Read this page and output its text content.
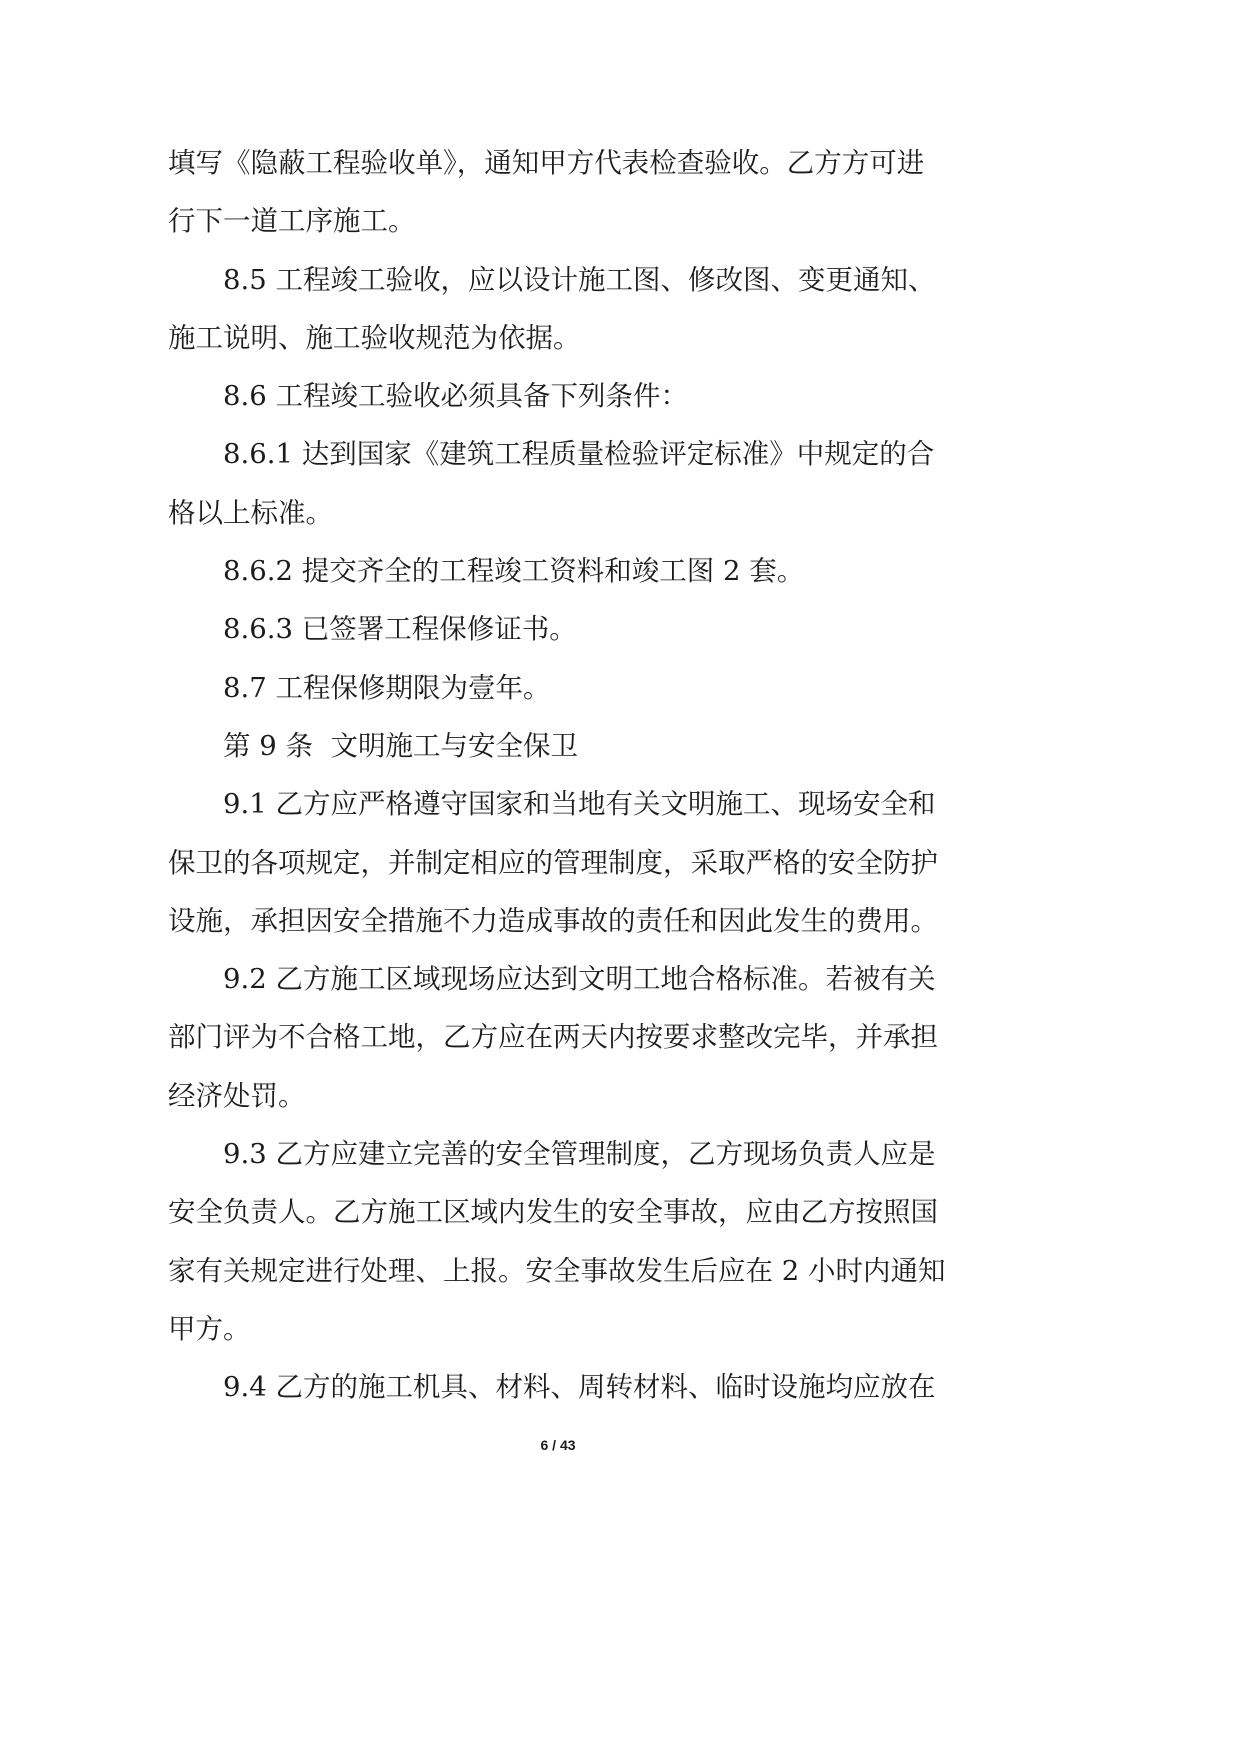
填写《隐蔽工程验收单》，通知甲方代表检查验收。乙方方可进
行下一道工序施工。
8.5 工程竣工验收，应以设计施工图、修改图、变更通知、
施工说明、施工验收规范为依据。
8.6 工程竣工验收必须具备下列条件：
8.6.1 达到国家《建筑工程质量检验评定标准》中规定的合
格以上标准。
8.6.2 提交齐全的工程竣工资料和竣工图 2 套。
8.6.3 已签署工程保修证书。
8.7 工程保修期限为壹年。
第 9 条  文明施工与安全保卫
9.1 乙方应严格遵守国家和当地有关文明施工、现场安全和
保卫的各项规定，并制定相应的管理制度，采取严格的安全防护
设施，承担因安全措施不力造成事故的责任和因此发生的费用。
9.2 乙方施工区域现场应达到文明工地合格标准。若被有关
部门评为不合格工地，乙方应在两天内按要求整改完毕，并承担
经济处罚。
9.3 乙方应建立完善的安全管理制度，乙方现场负责人应是
安全负责人。乙方施工区域内发生的安全事故，应由乙方按照国
家有关规定进行处理、上报。安全事故发生后应在 2 小时内通知
甲方。
9.4 乙方的施工机具、材料、周转材料、临时设施均应放在
6 / 43
